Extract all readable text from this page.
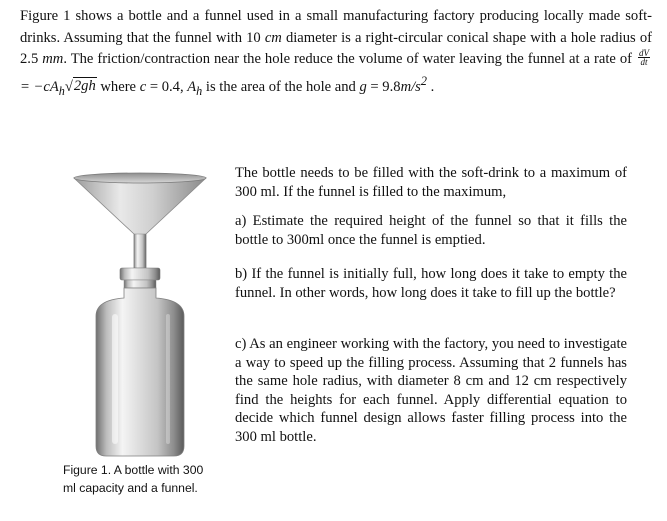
Figure 1 shows a bottle and a funnel used in a small manufacturing factory producing locally made soft-drinks. Assuming that the funnel with 10 cm diameter is a right-circular conical shape with a hole radius of 2.5 mm. The friction/contraction near the hole reduce the volume of water leaving the funnel at a rate of $\frac{dV}{dt}$
= $-cA_h√2gh$ where c = 0.4, $A_h$ is the area of the hole and $g = 9.8m/s^2$ .
Figure 1. A bottle with 300 ml capacity and a funnel.
The bottle needs to be filled with the soft-drink to a maximum of 300 ml. If the funnel is filled to the maximum,
a) Estimate the required height of the funnel so that it fills the bottle to 300ml once the funnel is emptied.
b) If the funnel is initially full, how long does it take to empty the funnel. In other words, how long does it take to fill up the bottle?
c) As an engineer working with the factory, you need to investigate a way to speed up the filling process. Assuming that 2 funnels has the same hole radius, with diameter 8 cm and 12 cm respectively find the heights for each funnel. Apply differential equation to decide which funnel design allows faster filling process into the 300 ml bottle.
